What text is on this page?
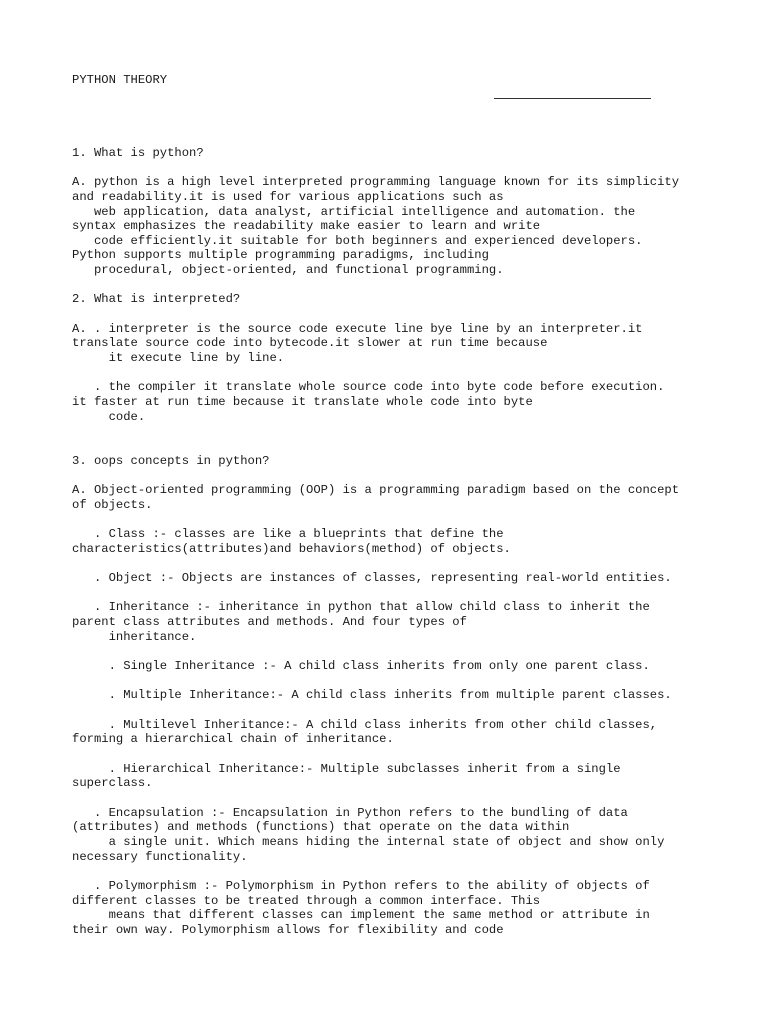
PYTHON THEORY
1. What is python?
A. python is a high level interpreted programming language known for its simplicity
and readability.it is used for various applications such as
web application, data analyst, artificial intelligence and automation. the
syntax emphasizes the readability make easier to learn and write
code efficiently.it suitable for both beginners and experienced developers.
Python supports multiple programming paradigms, including
procedural, object-oriented, and functional programming.
2. What is interpreted?
A. . interpreter is the source code execute line bye line by an interpreter.it
translate source code into bytecode.it slower at run time because
it execute line by line.
. the compiler it translate whole source code into byte code before execution.
it faster at run time because it translate whole code into byte
code.
3. oops concepts in python?
A. Object-oriented programming (OOP) is a programming paradigm based on the concept
of objects.
. Class :- classes are like a blueprints that define the
characteristics(attributes)and behaviors(method) of objects.
. Object :- Objects are instances of classes, representing real-world entities.
. Inheritance :- inheritance in python that allow child class to inherit the
parent class attributes and methods. And four types of
inheritance.
. Single Inheritance :- A child class inherits from only one parent class.
. Multiple Inheritance:- A child class inherits from multiple parent classes.
. Multilevel Inheritance:- A child class inherits from other child classes,
forming a hierarchical chain of inheritance.
. Hierarchical Inheritance:- Multiple subclasses inherit from a single
superclass.
. Encapsulation :- Encapsulation in Python refers to the bundling of data
(attributes) and methods (functions) that operate on the data within
a single unit. Which means hiding the internal state of object and show only
necessary functionality.
. Polymorphism :- Polymorphism in Python refers to the ability of objects of
different classes to be treated through a common interface. This
means that different classes can implement the same method or attribute in
their own way. Polymorphism allows for flexibility and code
